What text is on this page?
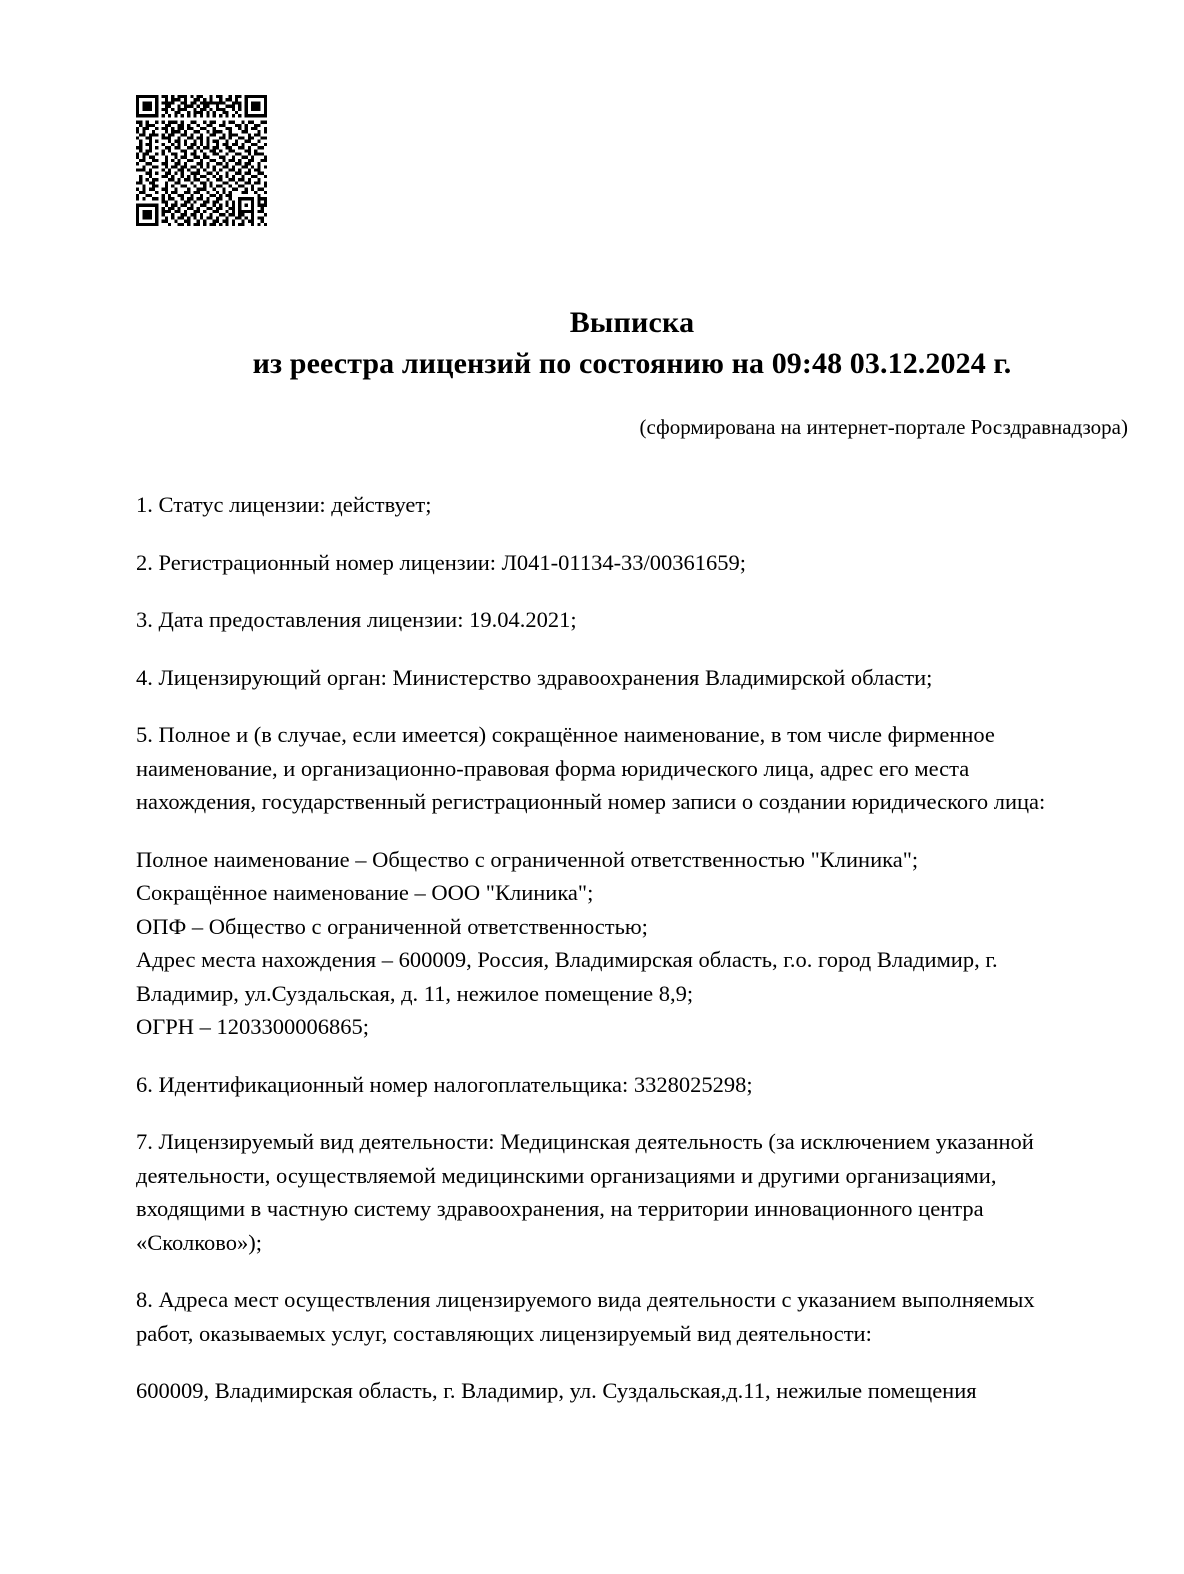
Выписка
из реестра лицензий по состоянию на 09:48 03.12.2024 г.
(сформирована на интернет-портале Росздравнадзора)

1. Статус лицензии: действует;

2. Регистрационный номер лицензии: Л041-01134-33/00361659;

3. Дата предоставления лицензии: 19.04.2021;

4. Лицензирующий орган: Министерство здравоохранения Владимирской области;

5. Полное и (в случае, если имеется) сокращённое наименование, в том числе фирменное наименование, и организационно-правовая форма юридического лица, адрес его места нахождения, государственный регистрационный номер записи о создании юридического лица:

Полное наименование – Общество с ограниченной ответственностью "Клиника";
Сокращённое наименование – ООО "Клиника";
ОПФ – Общество с ограниченной ответственностью;
Адрес места нахождения – 600009, Россия, Владимирская область, г.о. город Владимир, г. Владимир, ул.Суздальская, д. 11, нежилое помещение 8,9;
ОГРН – 1203300006865;

6. Идентификационный номер налогоплательщика: 3328025298;

7. Лицензируемый вид деятельности: Медицинская деятельность (за исключением указанной деятельности, осуществляемой медицинскими организациями и другими организациями, входящими в частную систему здравоохранения, на территории инновационного центра «Сколково»);

8. Адреса мест осуществления лицензируемого вида деятельности с указанием выполняемых работ, оказываемых услуг, составляющих лицензируемый вид деятельности:

600009, Владимирская область, г. Владимир, ул. Суздальская,д.11, нежилые помещения
